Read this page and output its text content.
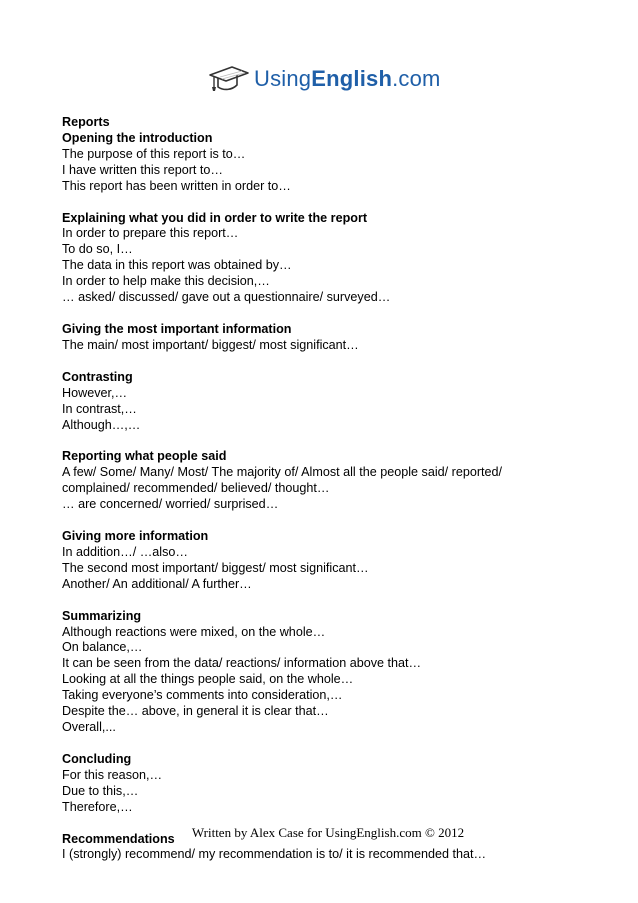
UsingEnglish.com
Reports
Opening the introduction
The purpose of this report is to…
I have written this report to…
This report has been written in order to…
Explaining what you did in order to write the report
In order to prepare this report…
To do so, I…
The data in this report was obtained by…
In order to help make this decision,…
… asked/ discussed/ gave out a questionnaire/ surveyed…
Giving the most important information
The main/ most important/ biggest/ most significant…
Contrasting
However,…
In contrast,…
Although…,…
Reporting what people said
A few/ Some/ Many/ Most/ The majority of/ Almost all the people said/ reported/
complained/ recommended/ believed/ thought…
… are concerned/ worried/ surprised…
Giving more information
In addition…/ …also…
The second most important/ biggest/ most significant…
Another/ An additional/ A further…
Summarizing
Although reactions were mixed, on the whole…
On balance,…
It can be seen from the data/ reactions/ information above that…
Looking at all the things people said, on the whole…
Taking everyone’s comments into consideration,…
Despite the… above, in general it is clear that…
Overall,...
Concluding
For this reason,…
Due to this,…
Therefore,…
Recommendations
I (strongly) recommend/ my recommendation is to/ it is recommended that…
Written by Alex Case for UsingEnglish.com © 2012
